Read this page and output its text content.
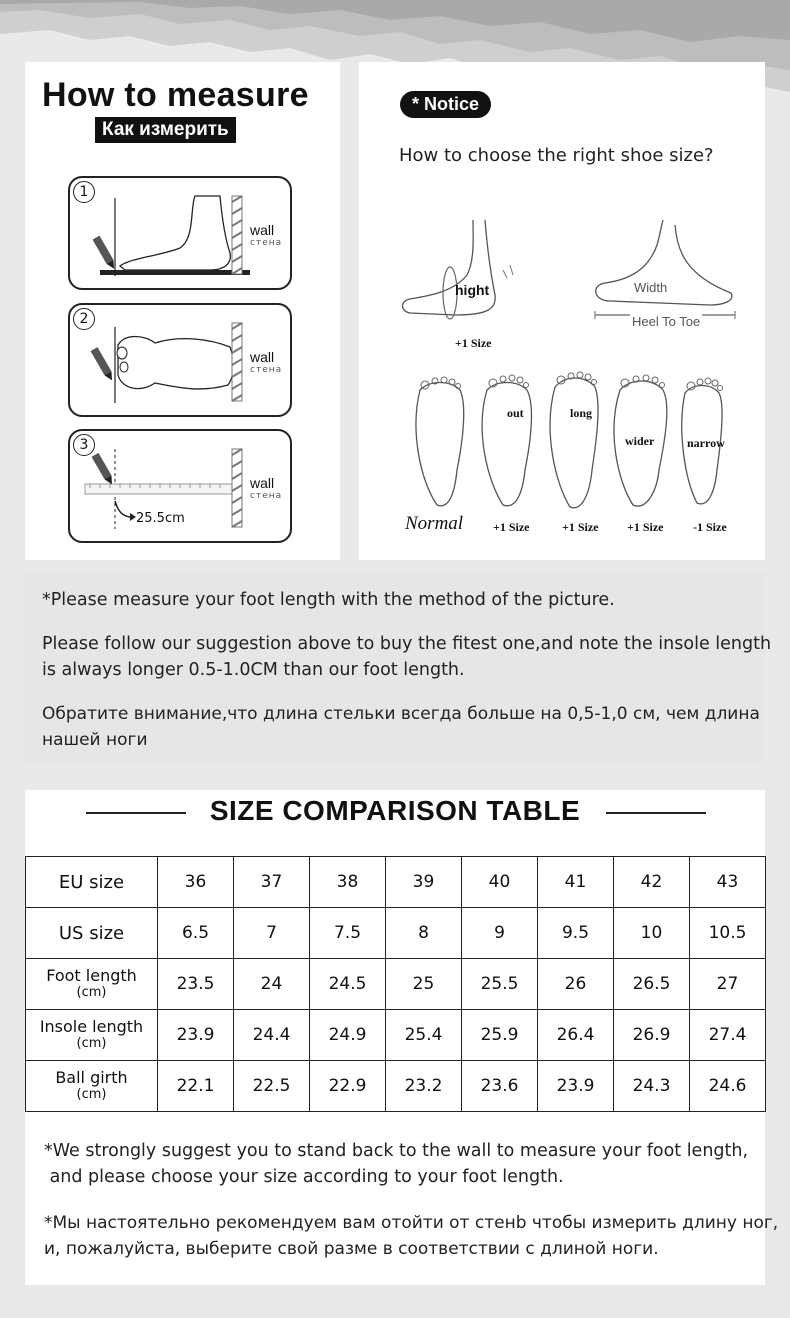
How to measure
Как измерить
1
wall
стена
2
wall
стена
3
25.5cm
wall
стена
* Notice
How to choose the right shoe size?
hight	Width
Heel To Toe
+1 Size
out	long
wider	narrow
Normal +1 Size	+1 Size +1 Size -1 Size
*Please measure your foot length with the method of the picture.
Please follow our suggestion above to buy the fitest one,and note the insole length
is always longer 0.5-1.0CM than our foot length.
Обратите внимание,что длина стельки всегда больше на 0,5-1,0 см, чем длина
нашей ноги
SIZE COMPARISON TABLE
EU size	36	37	38	39	40	41	42	43
US size	6.5	7	7.5	8	9	9.5	10	10.5
Foot length
(cm)	23.5	24	24.5	25	25.5	26	26.5	27
Insole length
(cm)	23.9	24.4	24.9	25.4	25.9	26.4	26.9	27.4
Ball girth
(cm)	22.1	22.5	22.9	23.2	23.6	23.9	24.3	24.6
*We strongly suggest you to stand back to the wall to measure your foot length,
and please choose your size according to your foot length.
*Мы настоятельно рекомендуем вам отойти от стенb чтобы измерить длину ног,
и, пожалуйста, выберите свой разме в соответствии с длиной ноги.
